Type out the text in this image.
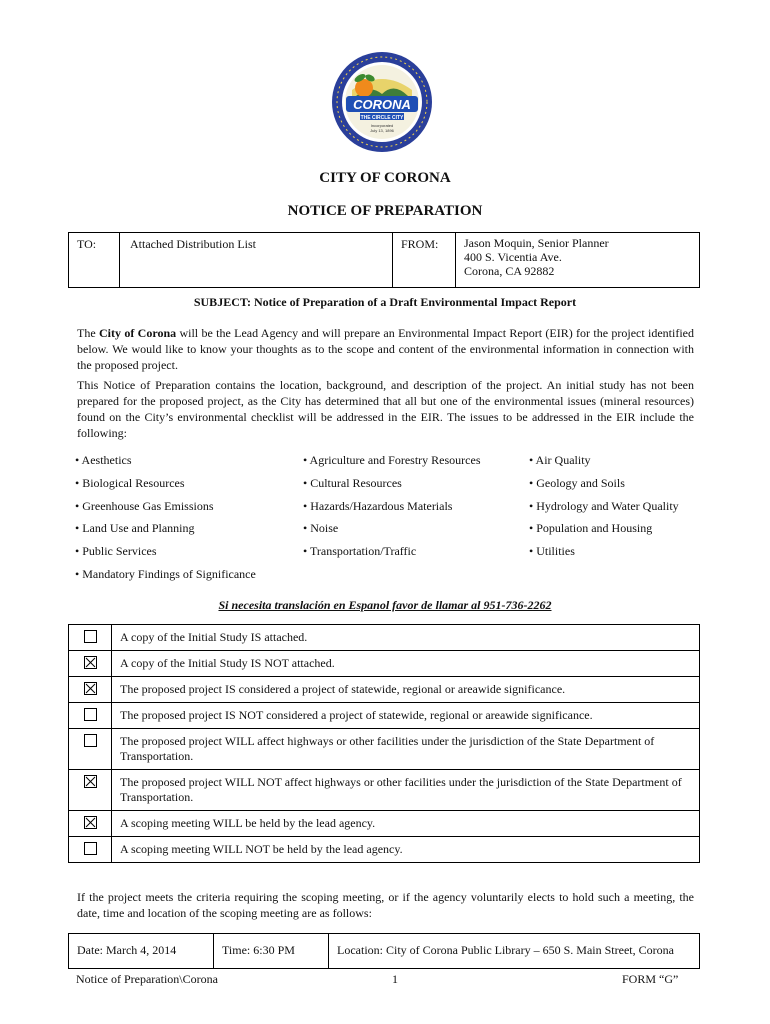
CORONA
THE CIRCLE CITY
Incorporated
July 13, 1896
CITY OF CORONA
NOTICE OF PREPARATION
TO:	Attached Distribution List	FROM:	Jason Moquin, Senior Planner
400 S. Vicentia Ave.
Corona, CA 92882
SUBJECT: Notice of Preparation of a Draft Environmental Impact Report
The City of Corona will be the Lead Agency and will prepare an Environmental Impact Report (EIR) for the project identified below. We would like to know your thoughts as to the scope and content of the environmental information in connection with the proposed project.
This Notice of Preparation contains the location, background, and description of the project. An initial study has not been prepared for the proposed project, as the City has determined that all but one of the environmental issues (mineral resources) found on the City’s environmental checklist will be addressed in the EIR. The issues to be addressed in the EIR include the following:
• Aesthetics	• Agriculture and Forestry Resources	• Air Quality
• Biological Resources	• Cultural Resources	• Geology and Soils
• Greenhouse Gas Emissions	• Hazards/Hazardous Materials	• Hydrology and Water Quality
• Land Use and Planning	• Noise	• Population and Housing
• Public Services	• Transportation/Traffic	• Utilities
• Mandatory Findings of Significance
Si necesita translación en Espanol favor de llamar al 951-736-2262
	A copy of the Initial Study IS attached.

	A copy of the Initial Study IS NOT attached.

	The proposed project IS considered a project of statewide, regional or areawide significance.
	The proposed project IS NOT considered a project of statewide, regional or areawide significance.
	The proposed project WILL affect highways or other facilities under the jurisdiction of the State Department of Transportation.

	The proposed project WILL NOT affect highways or other facilities under the jurisdiction of the State Department of Transportation.

	A scoping meeting WILL be held by the lead agency.
	A scoping meeting WILL NOT be held by the lead agency.
If the project meets the criteria requiring the scoping meeting, or if the agency voluntarily elects to hold such a meeting, the date, time and location of the scoping meeting are as follows:
Date: March 4, 2014	Time: 6:30 PM	Location: City of Corona Public Library – 650 S. Main Street, Corona
Notice of Preparation\Corona	1	FORM “G”
